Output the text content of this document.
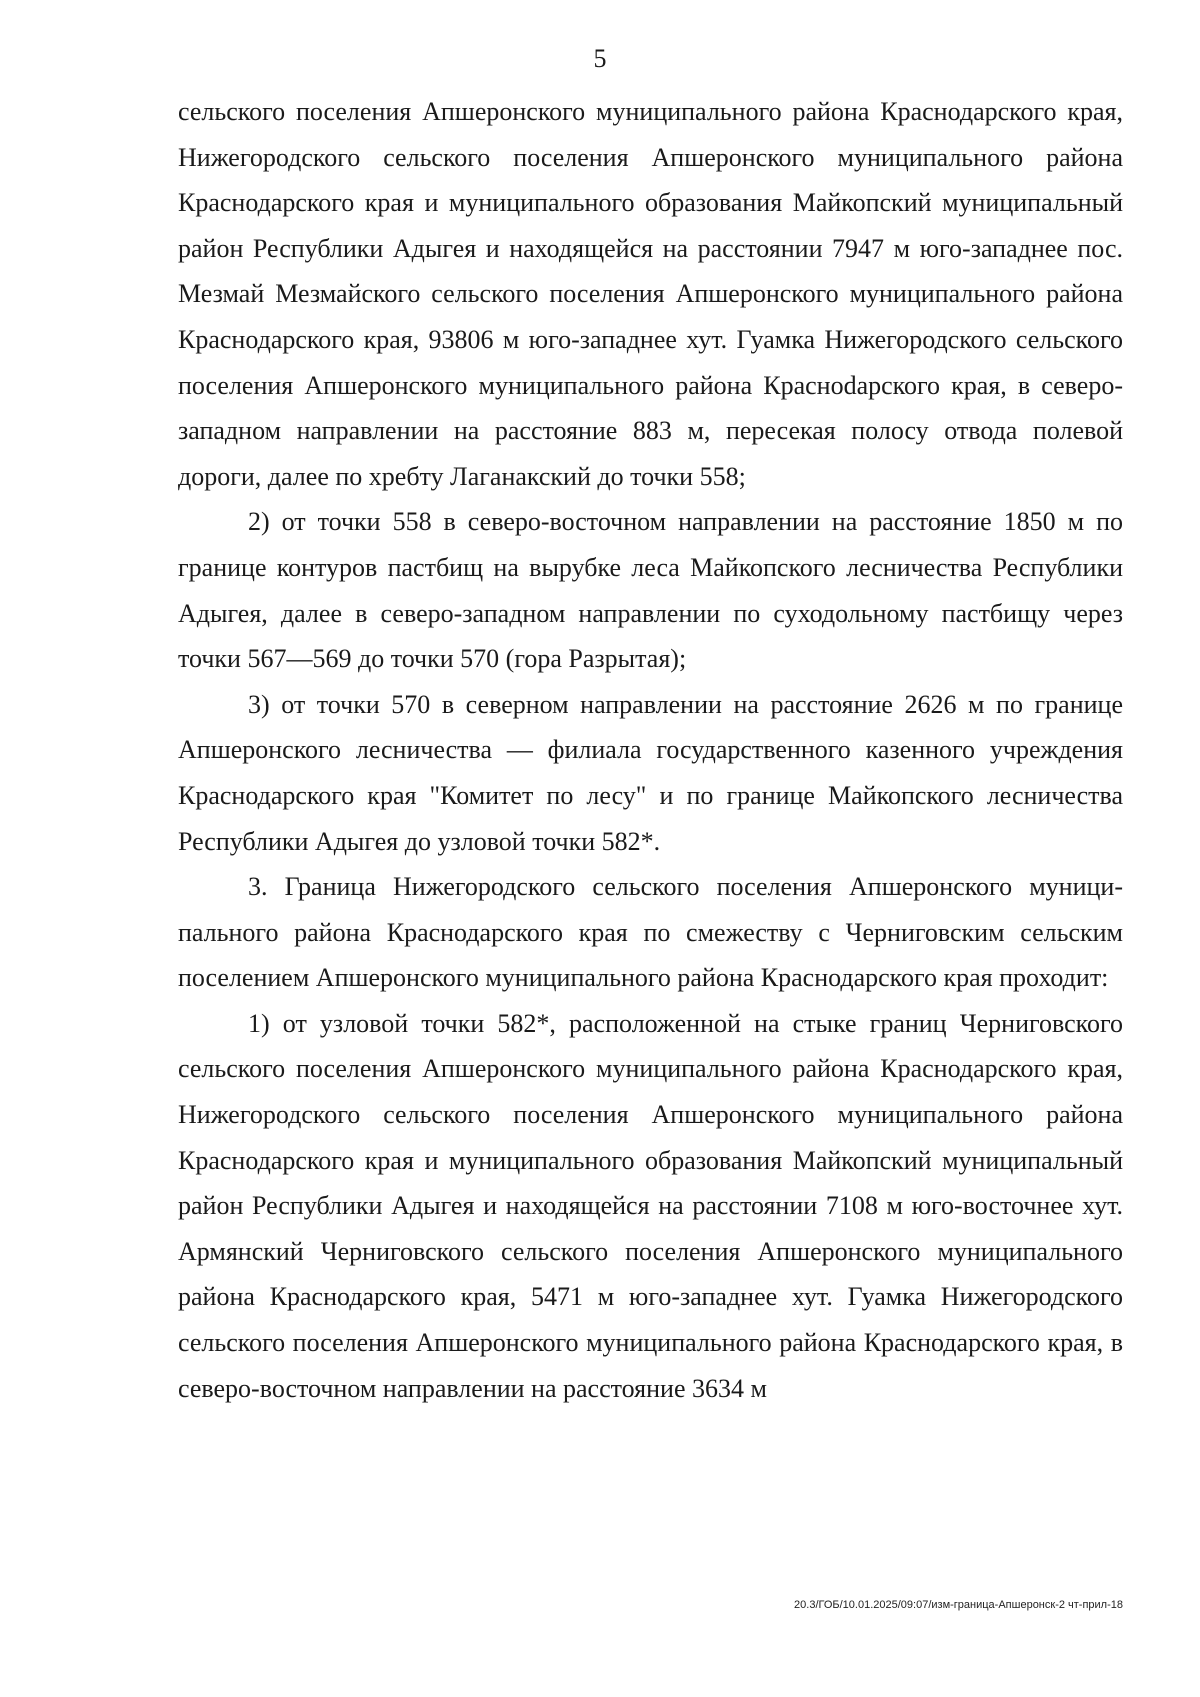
5

сельского поселения Апшеронского муниципального района Краснодарского края, Нижегородского сельского поселения Апшеронского муниципального района Краснодарского края и муниципального образования Майкопский муниципальный район Республики Адыгея и находящейся на расстоянии 7947 м юго-западнее пос. Мезмай Мезмайского сельского поселения Апшеронского муниципального района Краснодарского края, 93806 м юго-западнее хут. Гуамка Нижегородского сельского поселения Апшеронского муниципального района Красноdарского края, в северо-западном направлении на расстояние 883 м, пересекая полосу отвода полевой дороги, далее по хребту Лаганакский до точки 558;

2) от точки 558 в северо-восточном направлении на расстояние 1850 м по границе контуров пастбищ на вырубке леса Майкопского лесничества Республики Адыгея, далее в северо-западном направлении по суходольному пастбищу через точки 567—569 до точки 570 (гора Разрытая);

3) от точки 570 в северном направлении на расстояние 2626 м по границе Апшеронского лесничества — филиала государственного казенного учреждения Краснодарского края "Комитет по лесу" и по границе Майкопского лесничества Республики Адыгея до узловой точки 582*.

3. Граница Нижегородского сельского поселения Апшеронского муниципального района Краснодарского края по смежеству с Черниговским сельским поселением Апшеронского муниципального района Краснодарского края проходит:

1) от узловой точки 582*, расположенной на стыке границ Черниговского сельского поселения Апшеронского муниципального района Краснодарского края, Нижегородского сельского поселения Апшеронского муниципального района Краснодарского края и муниципального образования Майкопский муниципальный район Республики Адыгея и находящейся на расстоянии 7108 м юго-восточнее хут. Армянский Черниговского сельского поселения Апшеронского муниципального района Краснодарского края, 5471 м юго-западнее хут. Гуамка Нижегородского сельского поселения Апшеронского муниципального района Краснодарского края, в северо-восточном направлении на расстояние 3634 м

20.3/ГОБ/10.01.2025/09:07/изм-граница-Апшеронск-2 чт-прил-18
